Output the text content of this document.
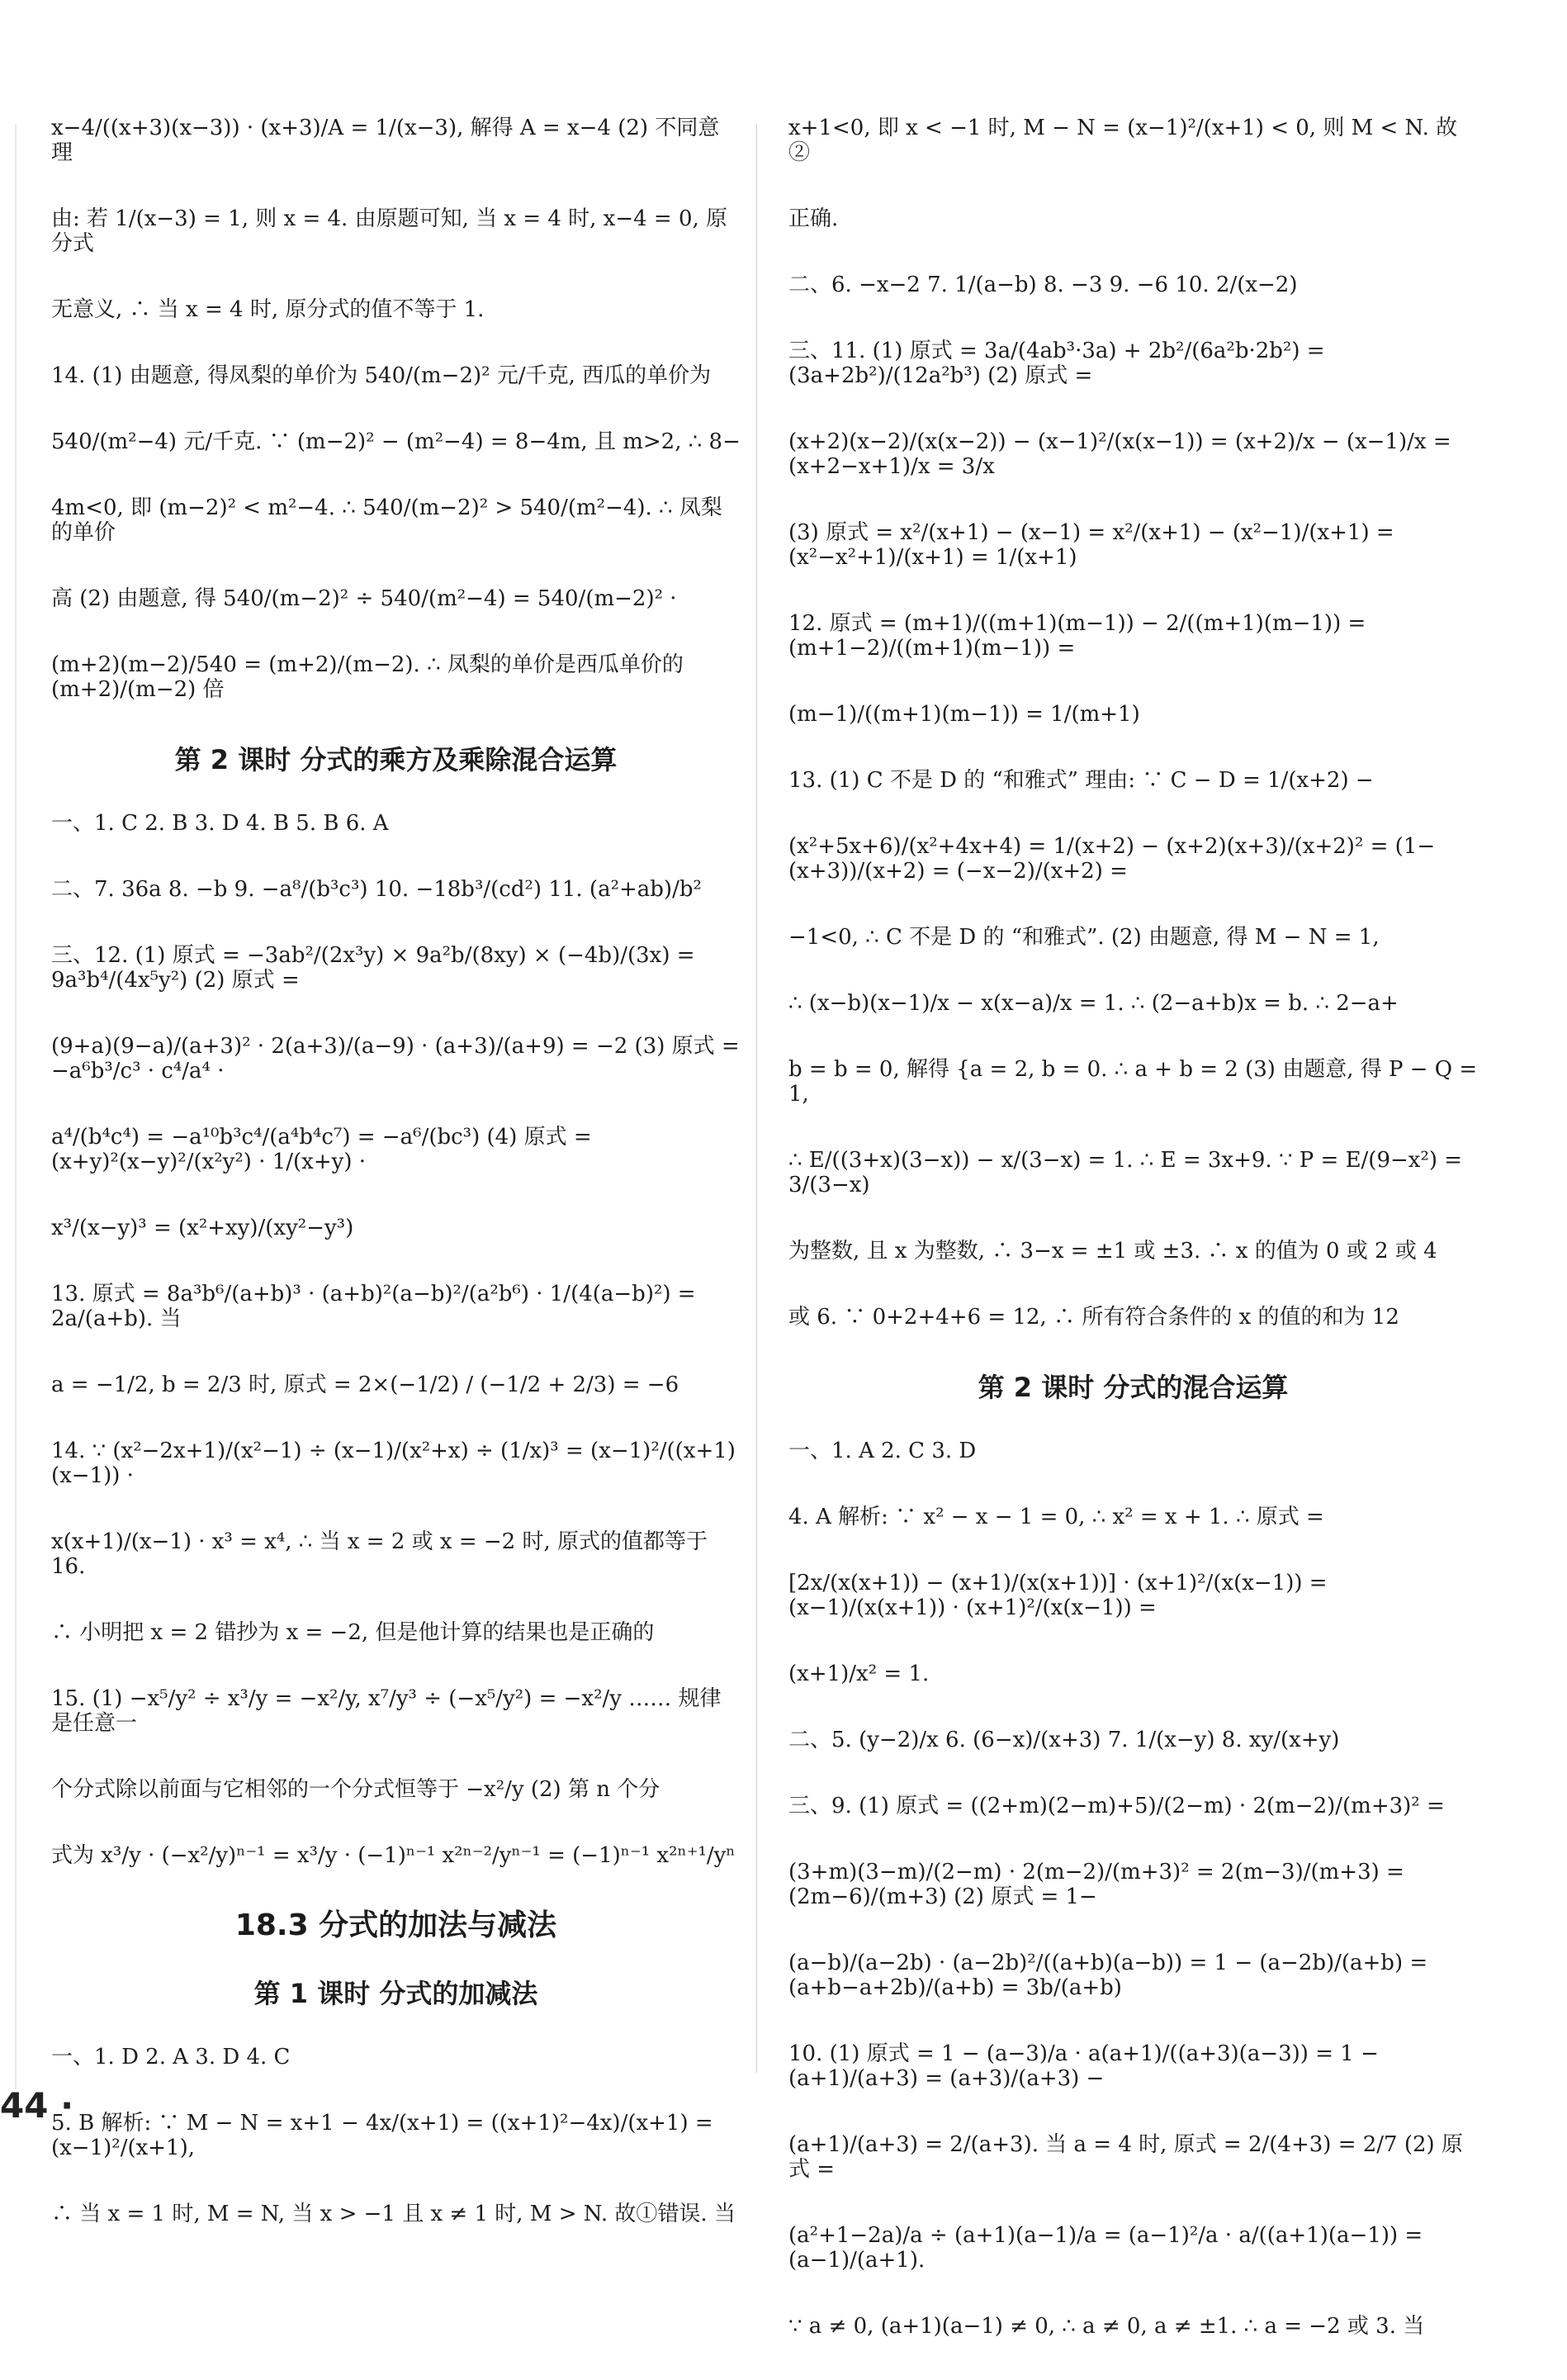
x−4/((x+3)(x−3)) · (x+3)/A = 1/(x−3), 解得 A = x−4 (2) 不同意 理
由: 若 1/(x−3) = 1, 则 x = 4. 由原题可知, 当 x = 4 时, x−4 = 0, 原分式
无意义, ∴ 当 x = 4 时, 原分式的值不等于 1.
14. (1) 由题意, 得凤梨的单价为 540/(m−2)² 元/千克, 西瓜的单价为
540/(m²−4) 元/千克. ∵ (m−2)² − (m²−4) = 8−4m, 且 m>2, ∴ 8−
4m<0, 即 (m−2)² < m²−4. ∴ 540/(m−2)² > 540/(m²−4). ∴ 凤梨的单价
高 (2) 由题意, 得 540/(m−2)² ÷ 540/(m²−4) = 540/(m−2)² ·
(m+2)(m−2)/540 = (m+2)/(m−2). ∴ 凤梨的单价是西瓜单价的 (m+2)/(m−2) 倍
第 2 课时 分式的乘方及乘除混合运算
一、1. C 2. B 3. D 4. B 5. B 6. A
二、7. 36a 8. −b 9. −a⁸/(b³c³) 10. −18b³/(cd²) 11. (a²+ab)/b²
三、12. (1) 原式 = −3ab²/(2x³y) × 9a²b/(8xy) × (−4b)/(3x) = 9a³b⁴/(4x⁵y²) (2) 原式 =
(9+a)(9−a)/(a+3)² · 2(a+3)/(a−9) · (a+3)/(a+9) = −2 (3) 原式 = −a⁶b³/c³ · c⁴/a⁴ ·
a⁴/(b⁴c⁴) = −a¹⁰b³c⁴/(a⁴b⁴c⁷) = −a⁶/(bc³) (4) 原式 = (x+y)²(x−y)²/(x²y²) · 1/(x+y) ·
x³/(x−y)³ = (x²+xy)/(xy²−y³)
13. 原式 = 8a³b⁶/(a+b)³ · (a+b)²(a−b)²/(a²b⁶) · 1/(4(a−b)²) = 2a/(a+b). 当
a = −1/2, b = 2/3 时, 原式 = 2×(−1/2) / (−1/2 + 2/3) = −6
14. ∵ (x²−2x+1)/(x²−1) ÷ (x−1)/(x²+x) ÷ (1/x)³ = (x−1)²/((x+1)(x−1)) ·
x(x+1)/(x−1) · x³ = x⁴, ∴ 当 x = 2 或 x = −2 时, 原式的值都等于 16.
∴ 小明把 x = 2 错抄为 x = −2, 但是他计算的结果也是正确的
15. (1) −x⁵/y² ÷ x³/y = −x²/y, x⁷/y³ ÷ (−x⁵/y²) = −x²/y …… 规律是任意一
个分式除以前面与它相邻的一个分式恒等于 −x²/y (2) 第 n 个分
式为 x³/y · (−x²/y)ⁿ⁻¹ = x³/y · (−1)ⁿ⁻¹ x²ⁿ⁻²/yⁿ⁻¹ = (−1)ⁿ⁻¹ x²ⁿ⁺¹/yⁿ
18.3 分式的加法与减法
第 1 课时 分式的加减法
一、1. D 2. A 3. D 4. C
5. B 解析: ∵ M − N = x+1 − 4x/(x+1) = ((x+1)²−4x)/(x+1) = (x−1)²/(x+1),
∴ 当 x = 1 时, M = N, 当 x > −1 且 x ≠ 1 时, M > N. 故①错误. 当
x+1<0, 即 x < −1 时, M − N = (x−1)²/(x+1) < 0, 则 M < N. 故②
正确.
二、6. −x−2 7. 1/(a−b) 8. −3 9. −6 10. 2/(x−2)
三、11. (1) 原式 = 3a/(4ab³·3a) + 2b²/(6a²b·2b²) = (3a+2b²)/(12a²b³) (2) 原式 =
(x+2)(x−2)/(x(x−2)) − (x−1)²/(x(x−1)) = (x+2)/x − (x−1)/x = (x+2−x+1)/x = 3/x
(3) 原式 = x²/(x+1) − (x−1) = x²/(x+1) − (x²−1)/(x+1) = (x²−x²+1)/(x+1) = 1/(x+1)
12. 原式 = (m+1)/((m+1)(m−1)) − 2/((m+1)(m−1)) = (m+1−2)/((m+1)(m−1)) =
(m−1)/((m+1)(m−1)) = 1/(m+1)
13. (1) C 不是 D 的 “和雅式” 理由: ∵ C − D = 1/(x+2) −
(x²+5x+6)/(x²+4x+4) = 1/(x+2) − (x+2)(x+3)/(x+2)² = (1−(x+3))/(x+2) = (−x−2)/(x+2) =
−1<0, ∴ C 不是 D 的 “和雅式”. (2) 由题意, 得 M − N = 1,
∴ (x−b)(x−1)/x − x(x−a)/x = 1. ∴ (2−a+b)x = b. ∴ 2−a+
b = b = 0, 解得 {a = 2, b = 0. ∴ a + b = 2 (3) 由题意, 得 P − Q = 1,
∴ E/((3+x)(3−x)) − x/(3−x) = 1. ∴ E = 3x+9. ∵ P = E/(9−x²) = 3/(3−x)
为整数, 且 x 为整数, ∴ 3−x = ±1 或 ±3. ∴ x 的值为 0 或 2 或 4
或 6. ∵ 0+2+4+6 = 12, ∴ 所有符合条件的 x 的值的和为 12
第 2 课时 分式的混合运算
一、1. A 2. C 3. D
4. A 解析: ∵ x² − x − 1 = 0, ∴ x² = x + 1. ∴ 原式 =
[2x/(x(x+1)) − (x+1)/(x(x+1))] · (x+1)²/(x(x−1)) = (x−1)/(x(x+1)) · (x+1)²/(x(x−1)) =
(x+1)/x² = 1.
二、5. (y−2)/x 6. (6−x)/(x+3) 7. 1/(x−y) 8. xy/(x+y)
三、9. (1) 原式 = ((2+m)(2−m)+5)/(2−m) · 2(m−2)/(m+3)² =
(3+m)(3−m)/(2−m) · 2(m−2)/(m+3)² = 2(m−3)/(m+3) = (2m−6)/(m+3) (2) 原式 = 1−
(a−b)/(a−2b) · (a−2b)²/((a+b)(a−b)) = 1 − (a−2b)/(a+b) = (a+b−a+2b)/(a+b) = 3b/(a+b)
10. (1) 原式 = 1 − (a−3)/a · a(a+1)/((a+3)(a−3)) = 1 − (a+1)/(a+3) = (a+3)/(a+3) −
(a+1)/(a+3) = 2/(a+3). 当 a = 4 时, 原式 = 2/(4+3) = 2/7 (2) 原式 =
(a²+1−2a)/a ÷ (a+1)(a−1)/a = (a−1)²/a · a/((a+1)(a−1)) = (a−1)/(a+1).
∵ a ≠ 0, (a+1)(a−1) ≠ 0, ∴ a ≠ 0, a ≠ ±1. ∴ a = −2 或 3. 当
44 ·
